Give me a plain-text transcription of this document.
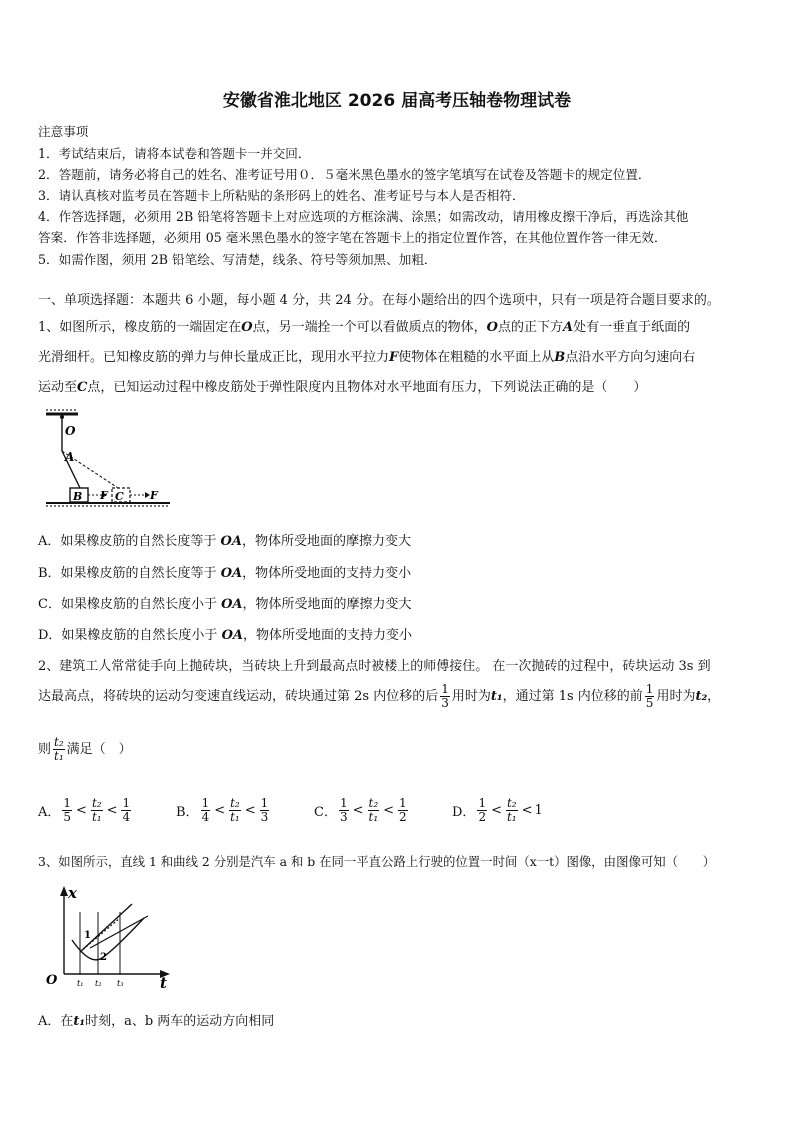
安徽省淮北地区 2026 届高考压轴卷物理试卷
注意事项
1．考试结束后，请将本试卷和答题卡一并交回．
2．答题前，请务必将自己的姓名、准考证号用０．５毫米黑色墨水的签字笔填写在试卷及答题卡的规定位置．
3．请认真核对监考员在答题卡上所粘贴的条形码上的姓名、准考证号与本人是否相符．
4．作答选择题，必须用 2B 铅笔将答题卡上对应选项的方框涂满、涂黑；如需改动，请用橡皮擦干净后，再选涂其他
答案．作答非选择题，必须用 05 毫米黑色墨水的签字笔在答题卡上的指定位置作答，在其他位置作答一律无效．
5．如需作图，须用 2B 铅笔绘、写清楚，线条、符号等须加黑、加粗．
一、单项选择题：本题共 6 小题，每小题 4 分，共 24 分。在每小题给出的四个选项中，只有一项是符合题目要求的。
1、如图所示，橡皮筋的一端固定在O点，另一端拴一个可以看做质点的物体，O点的正下方A处有一垂直于纸面的
光滑细杆。已知橡皮筋的弹力与伸长量成正比，现用水平拉力F使物体在粗糙的水平面上从B点沿水平方向匀速向右
运动至C点，已知运动过程中橡皮筋处于弹性限度内且物体对水平地面有压力，下列说法正确的是（　　）
O
A
B F C F
A．如果橡皮筋的自然长度等于 OA，物体所受地面的摩擦力变大
B．如果橡皮筋的自然长度等于 OA，物体所受地面的支持力变小
C．如果橡皮筋的自然长度小于 OA，物体所受地面的摩擦力变大
D．如果橡皮筋的自然长度小于 OA，物体所受地面的支持力变小
2、建筑工人常常徒手向上抛砖块，当砖块上升到最高点时被楼上的师傅接住。 在一次抛砖的过程中，砖块运动 3s 到
达最高点，将砖块的运动匀变速直线运动，砖块通过第 2s 内位移的后 $\frac{1}{3}$ 用时为t₁，通过第 1s 内位移的前 $\frac{1}{5}$ 用时为t₂，
则 $\frac{\text{t₂}}{\text{t₁}}$ 满足（　）
A． $\frac{1}{5} < \frac{\text{t₂}}{\text{t₁}} < \frac{1}{4}$	B． $\frac{1}{4} < \frac{\text{t₂}}{\text{t₁}} < \frac{1}{3}$	C． $\frac{1}{3} < \frac{\text{t₂}}{\text{t₁}} < \frac{1}{2}$	D． $\frac{1}{2} < \frac{\text{t₂}}{\text{t₁}} < 1$
3、如图所示，直线 1 和曲线 2 分别是汽车 a 和 b 在同一平直公路上行驶的位置一时间（x一t）图像，由图像可知（　　）
x
t
O
1
2
t₁ t₂ t₃
A．在t₁时刻，a、b 两车的运动方向相同
